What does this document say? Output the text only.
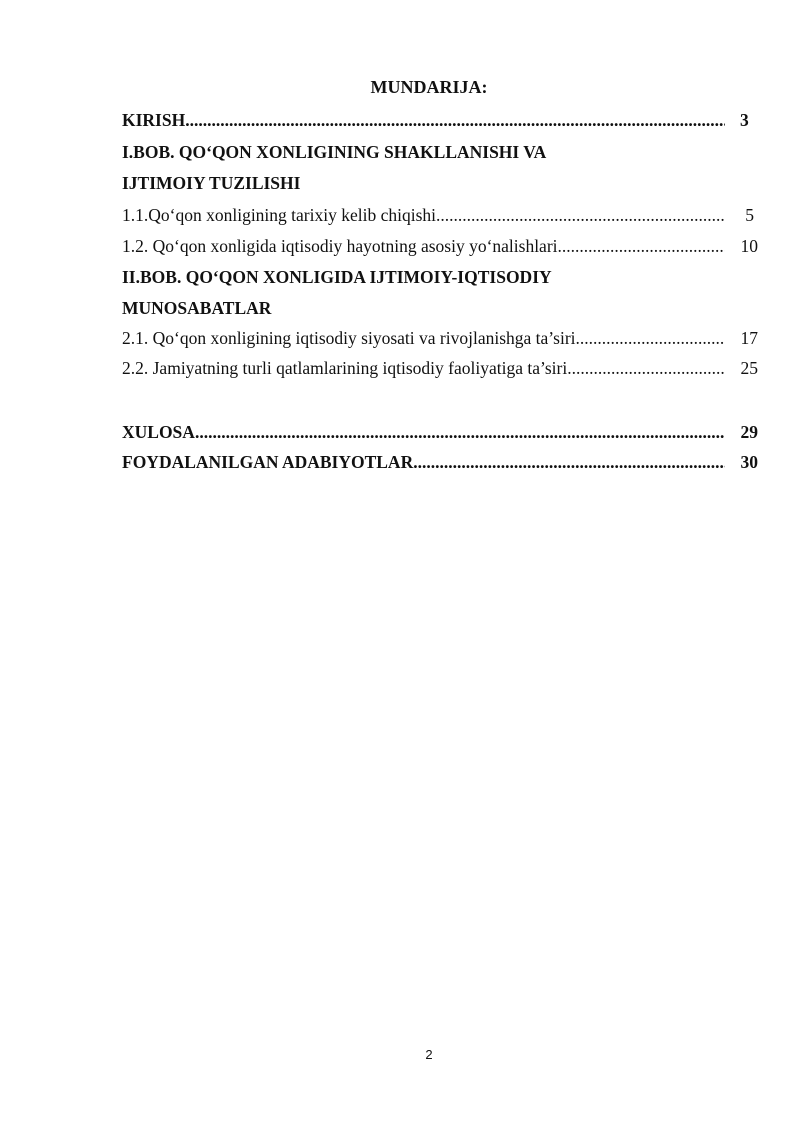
MUNDARIJA:
KIRISH .....	3
I.BOB. QO‘QON XONLIGINING SHAKLLANISHI VA
IJTIMOIY TUZILISHI
1.1.Qo‘qon xonligining tarixiy kelib chiqishi .....	5
1.2. Qo‘qon xonligida iqtisodiy hayotning asosiy yo‘nalishlari .....	10
II.BOB. QO‘QON XONLIGIDA IJTIMOIY-IQTISODIY
MUNOSABATLAR
2.1. Qo‘qon xonligining iqtisodiy siyosati va rivojlanishga ta’siri .....	17
2.2. Jamiyatning turli qatlamlarining iqtisodiy faoliyatiga ta’siri .....	25
XULOSA .....	29
FOYDALANILGAN ADABIYOTLAR .....	30
2
